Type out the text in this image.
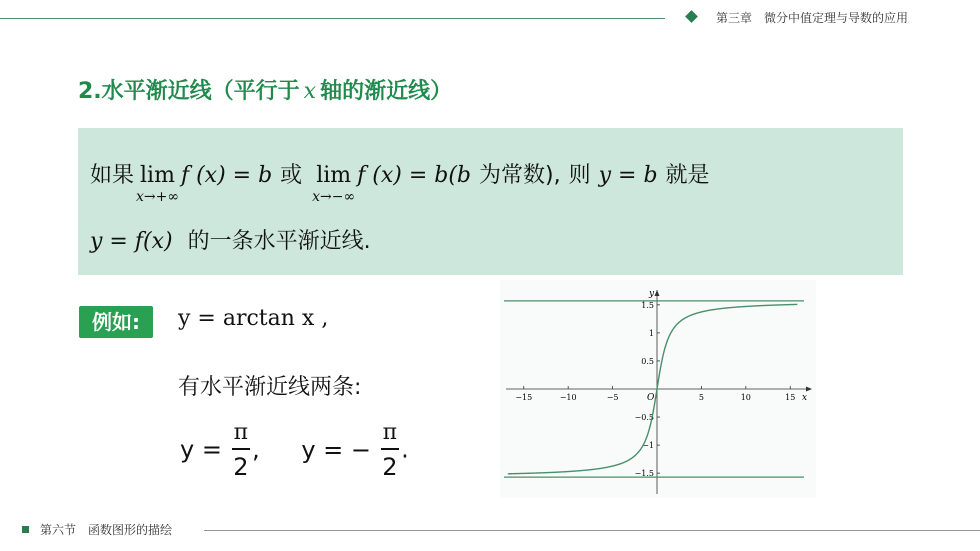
第三章　微分中值定理与导数的应用
2.水平渐近线（平行于 x 轴的渐近线）
如果 lim
x→+∞
f (x) = b 或 lim
x→−∞
f (x) = b(b 为常数), 则 y = b 就是
y = f(x) 的一条水平渐近线.
例如:	y = arctan x ,
有水平渐近线两条:
$y = \frac{\pi}{2}$ , y = − $\frac{\pi}{2}$ .
−15	−10	−5	5	10	15
1.5
1
0.5
−0.5
−1
−1.5
x
y
O
第六节　函数图形的描绘
